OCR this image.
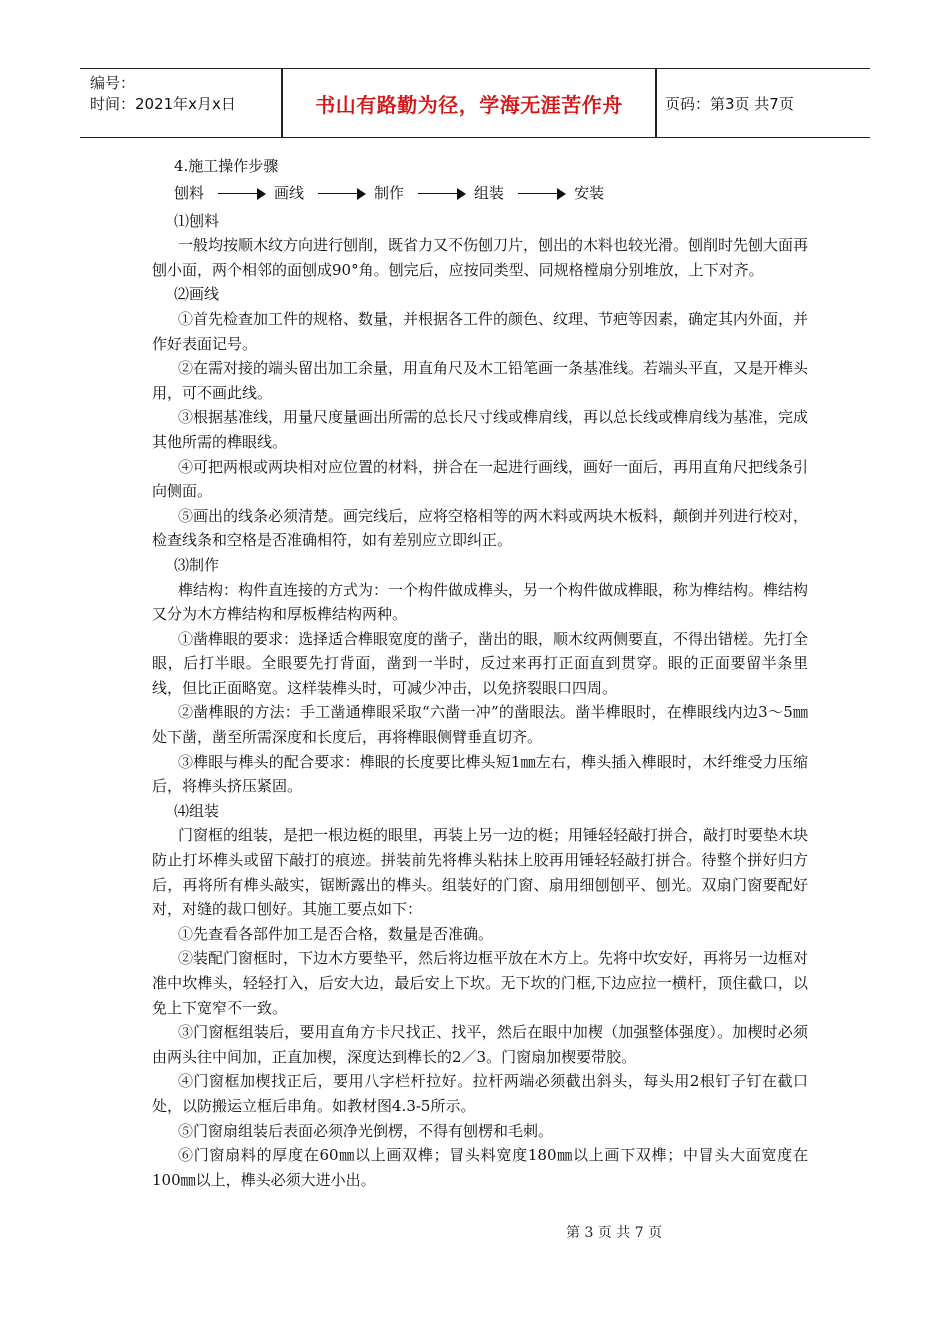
编号：
时间：2021年x月x日	书山有路勤为径，学海无涯苦作舟	页码：第3页 共7页

4.施工操作步骤

刨料	画线	制作	组装	安装

⑴刨料

一般均按顺木纹方向进行刨削，既省力又不伤刨刀片，刨出的木料也较光滑。刨削时先刨大面再刨小面，两个相邻的面刨成90°角。刨完后，应按同类型、同规格樘扇分别堆放，上下对齐。

⑵画线

①首先检查加工件的规格、数量，并根据各工件的颜色、纹理、节疤等因素，确定其内外面，并作好表面记号。

②在需对接的端头留出加工余量，用直角尺及木工铅笔画一条基准线。若端头平直，又是开榫头用，可不画此线。

③根据基准线，用量尺度量画出所需的总长尺寸线或榫肩线，再以总长线或榫肩线为基准，完成其他所需的榫眼线。

④可把两根或两块相对应位置的材料，拼合在一起进行画线，画好一面后，再用直角尺把线条引向侧面。

⑤画出的线条必须清楚。画完线后，应将空格相等的两木料或两块木板料，颠倒并列进行校对，检查线条和空格是否准确相符，如有差别应立即纠正。

⑶制作

榫结构：构件直连接的方式为：一个构件做成榫头，另一个构件做成榫眼，称为榫结构。榫结构又分为木方榫结构和厚板榫结构两种。

①凿榫眼的要求：选择适合榫眼宽度的凿子，凿出的眼，顺木纹两侧要直，不得出错槎。先打全眼，后打半眼。全眼要先打背面，凿到一半时，反过来再打正面直到贯穿。眼的正面要留半条里线，但比正面略宽。这样装榫头时，可减少冲击，以免挤裂眼口四周。

②凿榫眼的方法：手工凿通榫眼采取“六凿一冲”的凿眼法。凿半榫眼时，在榫眼线内边3～5㎜处下凿，凿至所需深度和长度后，再将榫眼侧臂垂直切齐。

③榫眼与榫头的配合要求：榫眼的长度要比榫头短1㎜左右，榫头插入榫眼时，木纤维受力压缩后，将榫头挤压紧固。

⑷组装

门窗框的组装，是把一根边梃的眼里，再装上另一边的梃；用锤轻轻敲打拼合，敲打时要垫木块防止打坏榫头或留下敲打的痕迹。拼装前先将榫头粘抹上胶再用锤轻轻敲打拼合。待整个拼好归方后，再将所有榫头敲实，锯断露出的榫头。组装好的门窗、扇用细刨刨平、刨光。双扇门窗要配好对，对缝的裁口刨好。其施工要点如下：

①先查看各部件加工是否合格，数量是否准确。

②装配门窗框时，下边木方要垫平，然后将边框平放在木方上。先将中坎安好，再将另一边框对准中坎榫头，轻轻打入，后安大边，最后安上下坎。无下坎的门框,下边应拉一横杆，顶住截口，以免上下宽窄不一致。

③门窗框组装后，要用直角方卡尺找正、找平，然后在眼中加楔（加强整体强度）。加楔时必须由两头往中间加，正直加楔，深度达到榫长的2／3。门窗扇加楔要带胶。

④门窗框加楔找正后，要用八字栏杆拉好。拉杆两端必须截出斜头，每头用2根钉子钉在截口处，以防搬运立框后串角。如教材图4.3-5所示。

⑤门窗扇组装后表面必须净光倒楞，不得有刨楞和毛刺。

⑥门窗扇料的厚度在60㎜以上画双榫；冒头料宽度180㎜以上画下双榫；中冒头大面宽度在100㎜以上，榫头必须大进小出。

第 3 页 共 7 页
